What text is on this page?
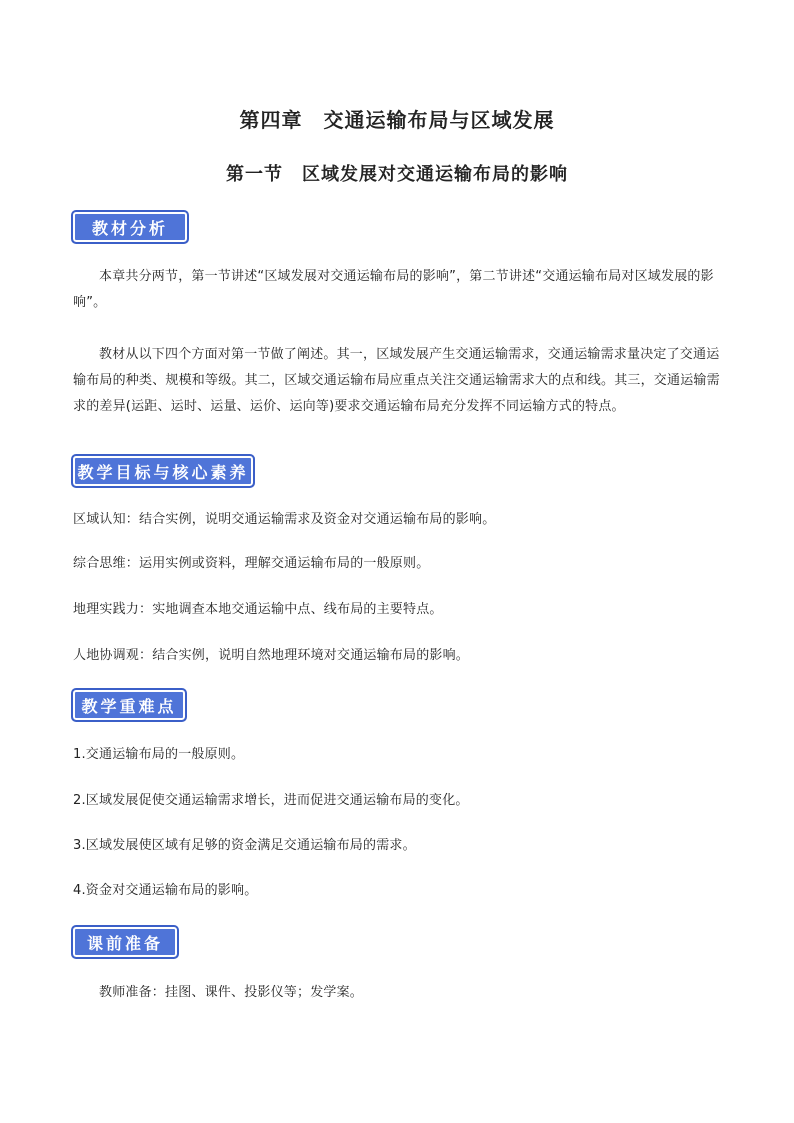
第四章　交通运输布局与区域发展
第一节　区域发展对交通运输布局的影响
教材分析
本章共分两节，第一节讲述“区域发展对交通运输布局的影响”，第二节讲述“交通运输布局对区域发展的影响”。
教材从以下四个方面对第一节做了阐述。其一，区域发展产生交通运输需求，交通运输需求量决定了交通运输布局的种类、规模和等级。其二，区域交通运输布局应重点关注交通运输需求大的点和线。其三，交通运输需求的差异(运距、运时、运量、运价、运向等)要求交通运输布局充分发挥不同运输方式的特点。
教学目标与核心素养
区域认知：结合实例，说明交通运输需求及资金对交通运输布局的影响。
综合思维：运用实例或资料，理解交通运输布局的一般原则。
地理实践力：实地调查本地交通运输中点、线布局的主要特点。
人地协调观：结合实例，说明自然地理环境对交通运输布局的影响。
教学重难点
1.交通运输布局的一般原则。
2.区域发展促使交通运输需求增长，进而促进交通运输布局的变化。
3.区域发展使区域有足够的资金满足交通运输布局的需求。
4.资金对交通运输布局的影响。
课前准备
教师准备：挂图、课件、投影仪等；发学案。
